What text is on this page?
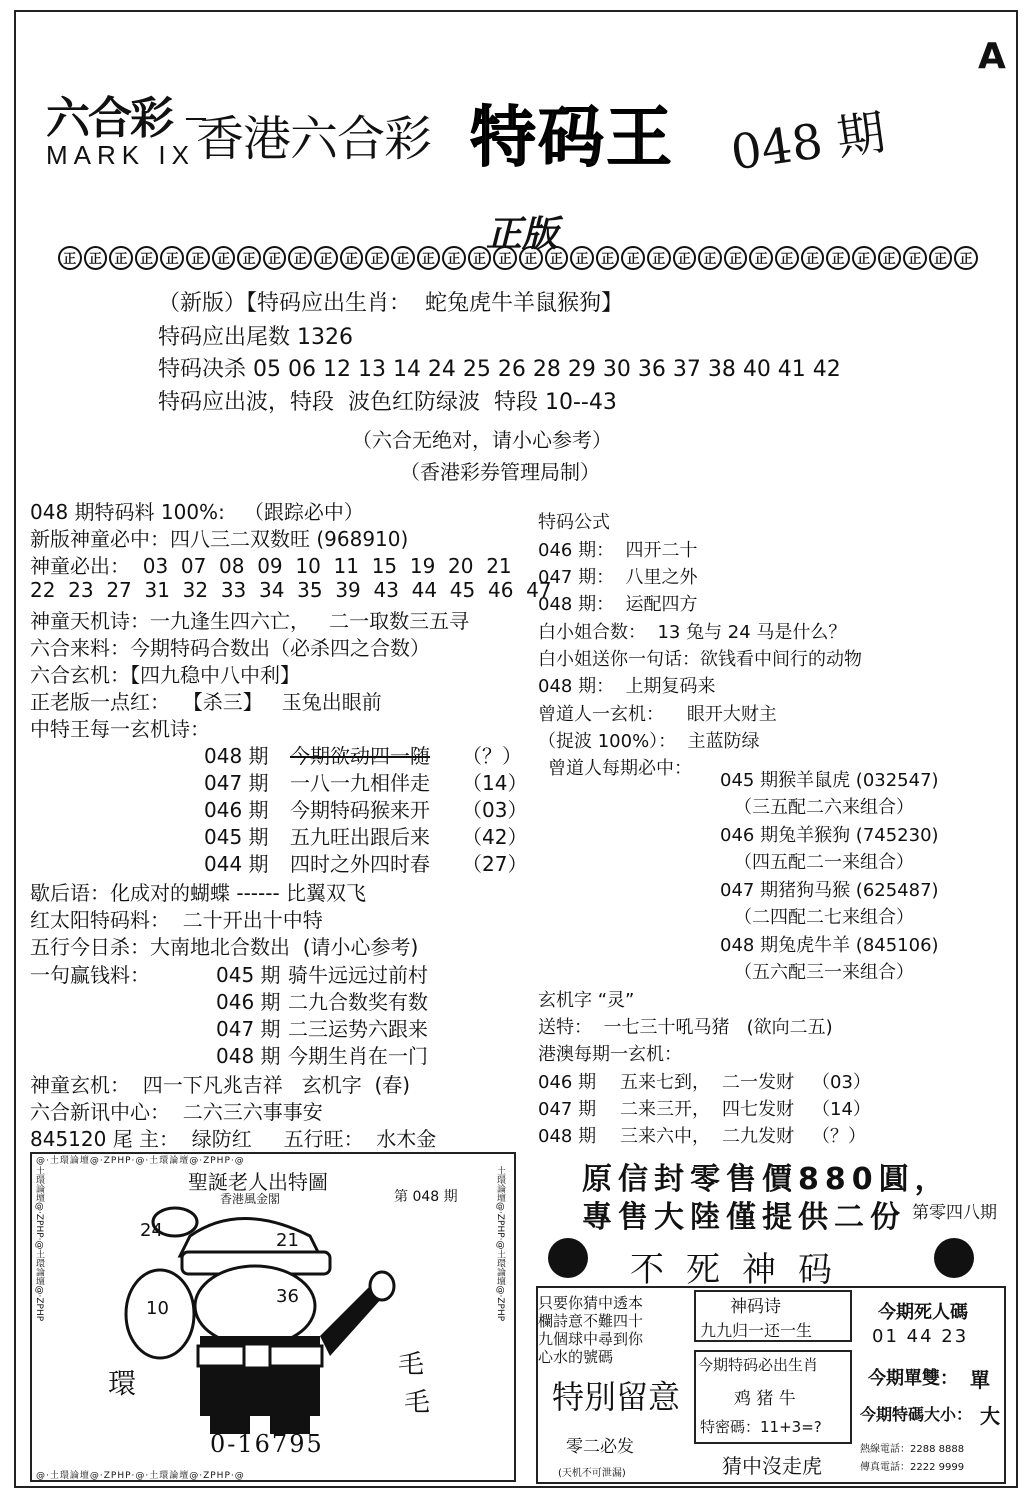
六合彩
MARK IX 香港六合彩 特码王 048 期
A
正版
正 正 正 正 正 正 正 正 正 正 正 正 正 正 正 正 正 正 正 正 正 正 正 正 正 正 正 正 正 正 正 正 正 正 正 正
（新版）【特码应出生肖：  蛇兔虎牛羊鼠猴狗】
特码应出尾数 1326
特码决杀 05 06 12 13 14 24 25 26 28 29 30 36 37 38 40 41 42
特码应出波，特段  波色红防绿波  特段 10--43
（六合无绝对，请小心参考）
（香港彩券管理局制）
048 期特码料 100%:   （跟踪必中）
新版神童必中：四八三二双数旺 (968910)
神童必出：  03  07  08  09  10  11  15  19  20  21
22  23  27  31  32  33  34  35  39  43  44  45  46  47
神童天机诗：一九逢生四六亡，   二一取数三五寻
六合来料：今期特码合数出（必杀四之合数）
六合玄机：【四九稳中八中利】
正老版一点红：  【杀三】   玉兔出眼前
中特王每一玄机诗：
048 期 今期欲动四一随 （？）
047 期 一八一九相伴走 （14）
046 期 今期特码猴来开 （03）
045 期 五九旺出跟后来 （42）
044 期 四时之外四时春 （27）
歇后语：化成对的蝴蝶 ------ 比翼双飞
红太阳特码料：  二十开出十中特
五行今日杀：大南地北合数出  (请小心参考)
一句赢钱料：	045 期 骑牛远远过前村
046 期 二九合数奖有数
047 期 二三运势六跟来
048 期 今期生肖在一门
神童玄机：  四一下凡兆吉祥   玄机字  (春)
六合新讯中心：  二六三六事事安
845120 尾 主：  绿防红     五行旺：  水木金
特码公式
046 期：  四开二十
047 期：  八里之外
048 期：  运配四方
白小姐合数：  13 兔与 24 马是什么？
白小姐送你一句话：欲钱看中间行的动物
048 期：  上期复码来
曾道人一玄机：    眼开大财主
（捉波 100%）：  主蓝防绿
曾道人每期必中：
045 期猴羊鼠虎 (032547)
（三五配二六来组合）
046 期兔羊猴狗 (745230)
（四五配二一来组合）
047 期猪狗马猴 (625487)
（二四配二七来组合）
048 期兔虎牛羊 (845106)
（五六配三一来组合）
玄机字 “灵”
送特：  一七三十吼马猪   (欲向二五)
港澳每期一玄机：
046 期 五来七到， 二一发财 （03）
047 期 二来三开， 四七发财 （14）
048 期 三来六中， 二九发财 （？）
@·土環論壇@·ZPHP·@·土環論壇@·ZPHP·@
@·土環論壇@·ZPHP·@·土環論壇@·ZPHP·@
土環論壇@·ZPHP·@土環論壇@·ZPHP
土環論壇@·ZPHP·@土環論壇@·ZPHP	聖誕老人出特圖
香港風金閣	第 048 期
24	21
10
36
環
毛
毛
0-16795
原信封零售價880圓，
專售大陸僅提供二份 第零四八期
不死神码
只要你猜中透本
欄詩意不難四十
九個球中尋到你
心水的號碼
特別留意
零二必发
(天机不可泄漏)
神码诗
九九归一还一生
今期特码必出生肖
鸡 猪 牛
特密碼：11+3=?
猜中沒走虎
今期死人碼
01 44 23
今期單雙： 單
今期特碼大小： 大
熱線電話：2288 8888
傳真電話：2222 9999
